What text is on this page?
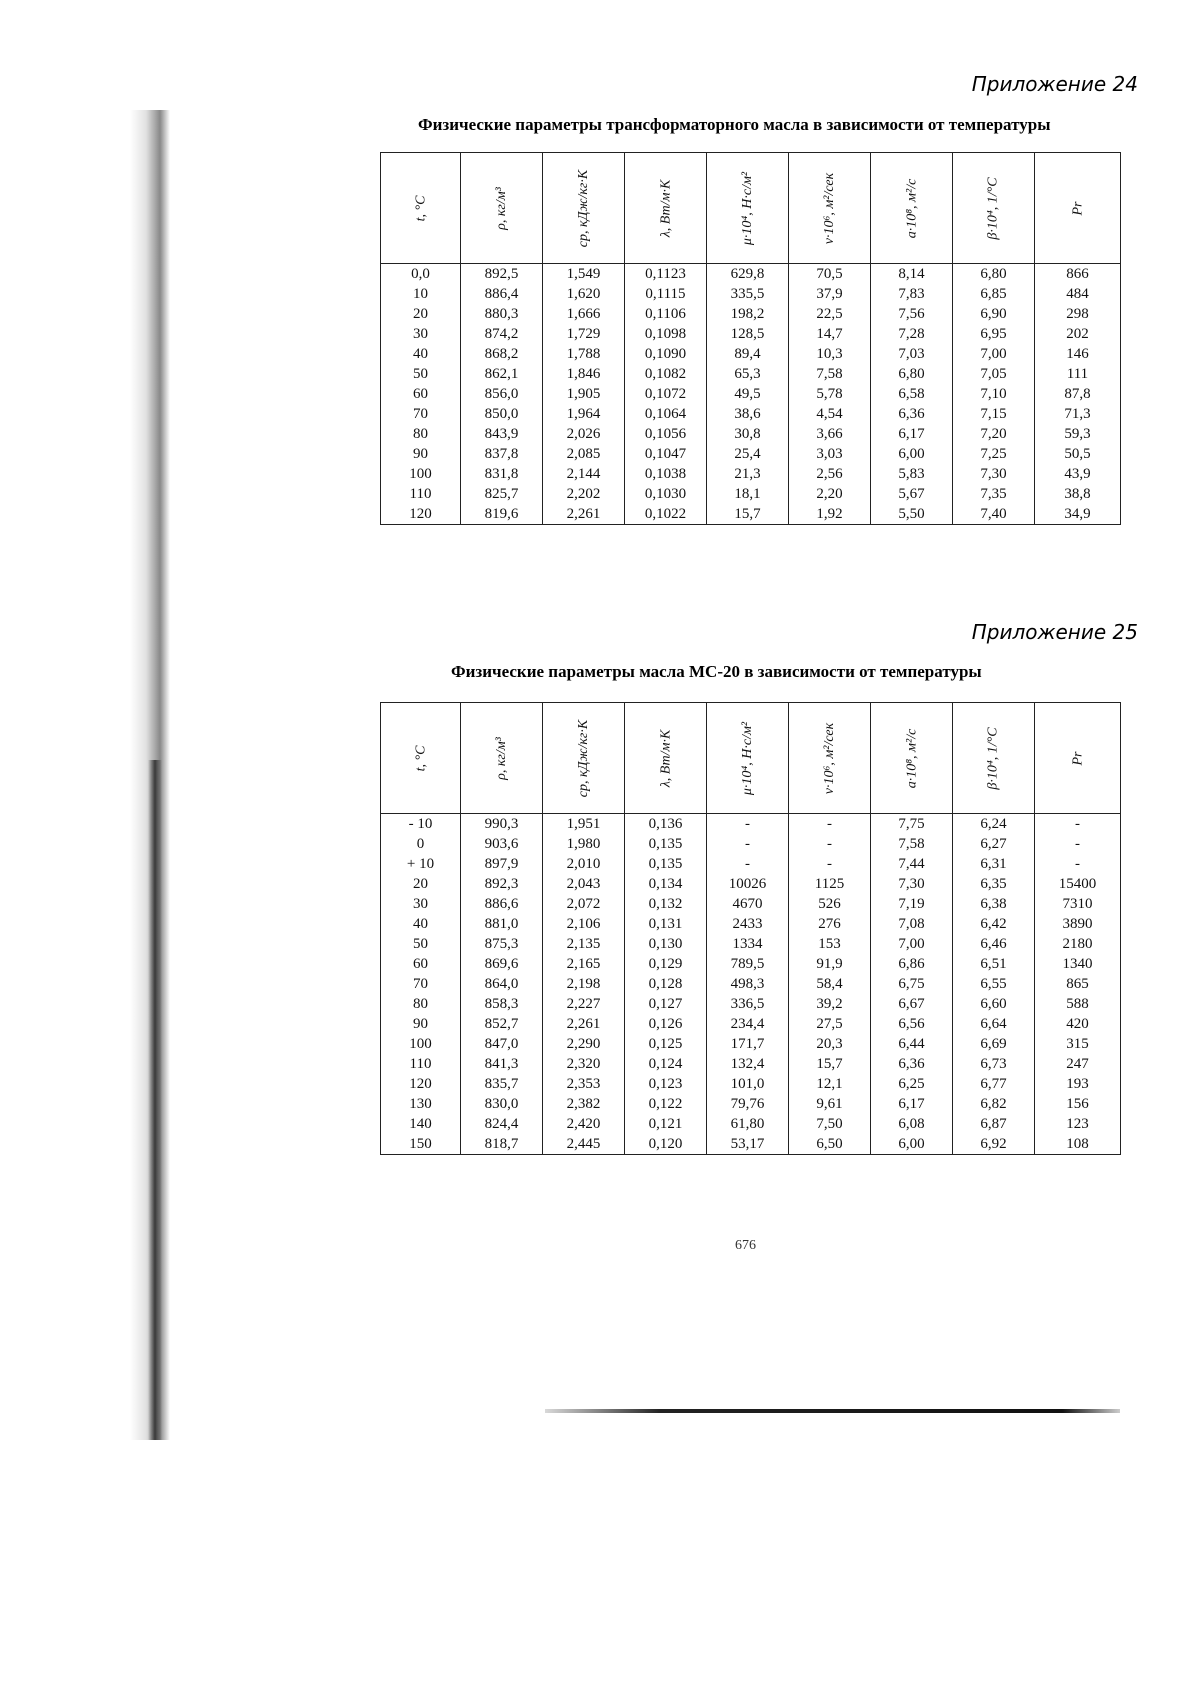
Приложение 24
Физические параметры трансформаторного масла в зависимости от температуры
t, °C	ρ, кг/м³	cp, кДж/кг·К	λ, Вт/м·К	μ·10⁴, Н·с/м²	ν·10⁶, м²/сек	a·10⁸, м²/с	β·10⁴, 1/°С	Pr
0,0	892,5	1,549	0,1123	629,8	70,5	8,14	6,80	866
10	886,4	1,620	0,1115	335,5	37,9	7,83	6,85	484
20	880,3	1,666	0,1106	198,2	22,5	7,56	6,90	298
30	874,2	1,729	0,1098	128,5	14,7	7,28	6,95	202
40	868,2	1,788	0,1090	89,4	10,3	7,03	7,00	146
50	862,1	1,846	0,1082	65,3	7,58	6,80	7,05	111
60	856,0	1,905	0,1072	49,5	5,78	6,58	7,10	87,8
70	850,0	1,964	0,1064	38,6	4,54	6,36	7,15	71,3
80	843,9	2,026	0,1056	30,8	3,66	6,17	7,20	59,3
90	837,8	2,085	0,1047	25,4	3,03	6,00	7,25	50,5
100	831,8	2,144	0,1038	21,3	2,56	5,83	7,30	43,9
110	825,7	2,202	0,1030	18,1	2,20	5,67	7,35	38,8
120	819,6	2,261	0,1022	15,7	1,92	5,50	7,40	34,9
Приложение 25
Физические параметры масла МС-20 в зависимости от температуры
t, °C	ρ, кг/м³	cp, кДж/кг·К	λ, Вт/м·К	μ·10⁴, Н·с/м²	ν·10⁶, м²/сек	a·10⁸, м²/с	β·10⁴, 1/°С	Pr
- 10	990,3	1,951	0,136	-	-	7,75	6,24	-
0	903,6	1,980	0,135	-	-	7,58	6,27	-
+ 10	897,9	2,010	0,135	-	-	7,44	6,31	-
20	892,3	2,043	0,134	10026	1125	7,30	6,35	15400
30	886,6	2,072	0,132	4670	526	7,19	6,38	7310
40	881,0	2,106	0,131	2433	276	7,08	6,42	3890
50	875,3	2,135	0,130	1334	153	7,00	6,46	2180
60	869,6	2,165	0,129	789,5	91,9	6,86	6,51	1340
70	864,0	2,198	0,128	498,3	58,4	6,75	6,55	865
80	858,3	2,227	0,127	336,5	39,2	6,67	6,60	588
90	852,7	2,261	0,126	234,4	27,5	6,56	6,64	420
100	847,0	2,290	0,125	171,7	20,3	6,44	6,69	315
110	841,3	2,320	0,124	132,4	15,7	6,36	6,73	247
120	835,7	2,353	0,123	101,0	12,1	6,25	6,77	193
130	830,0	2,382	0,122	79,76	9,61	6,17	6,82	156
140	824,4	2,420	0,121	61,80	7,50	6,08	6,87	123
150	818,7	2,445	0,120	53,17	6,50	6,00	6,92	108
676
